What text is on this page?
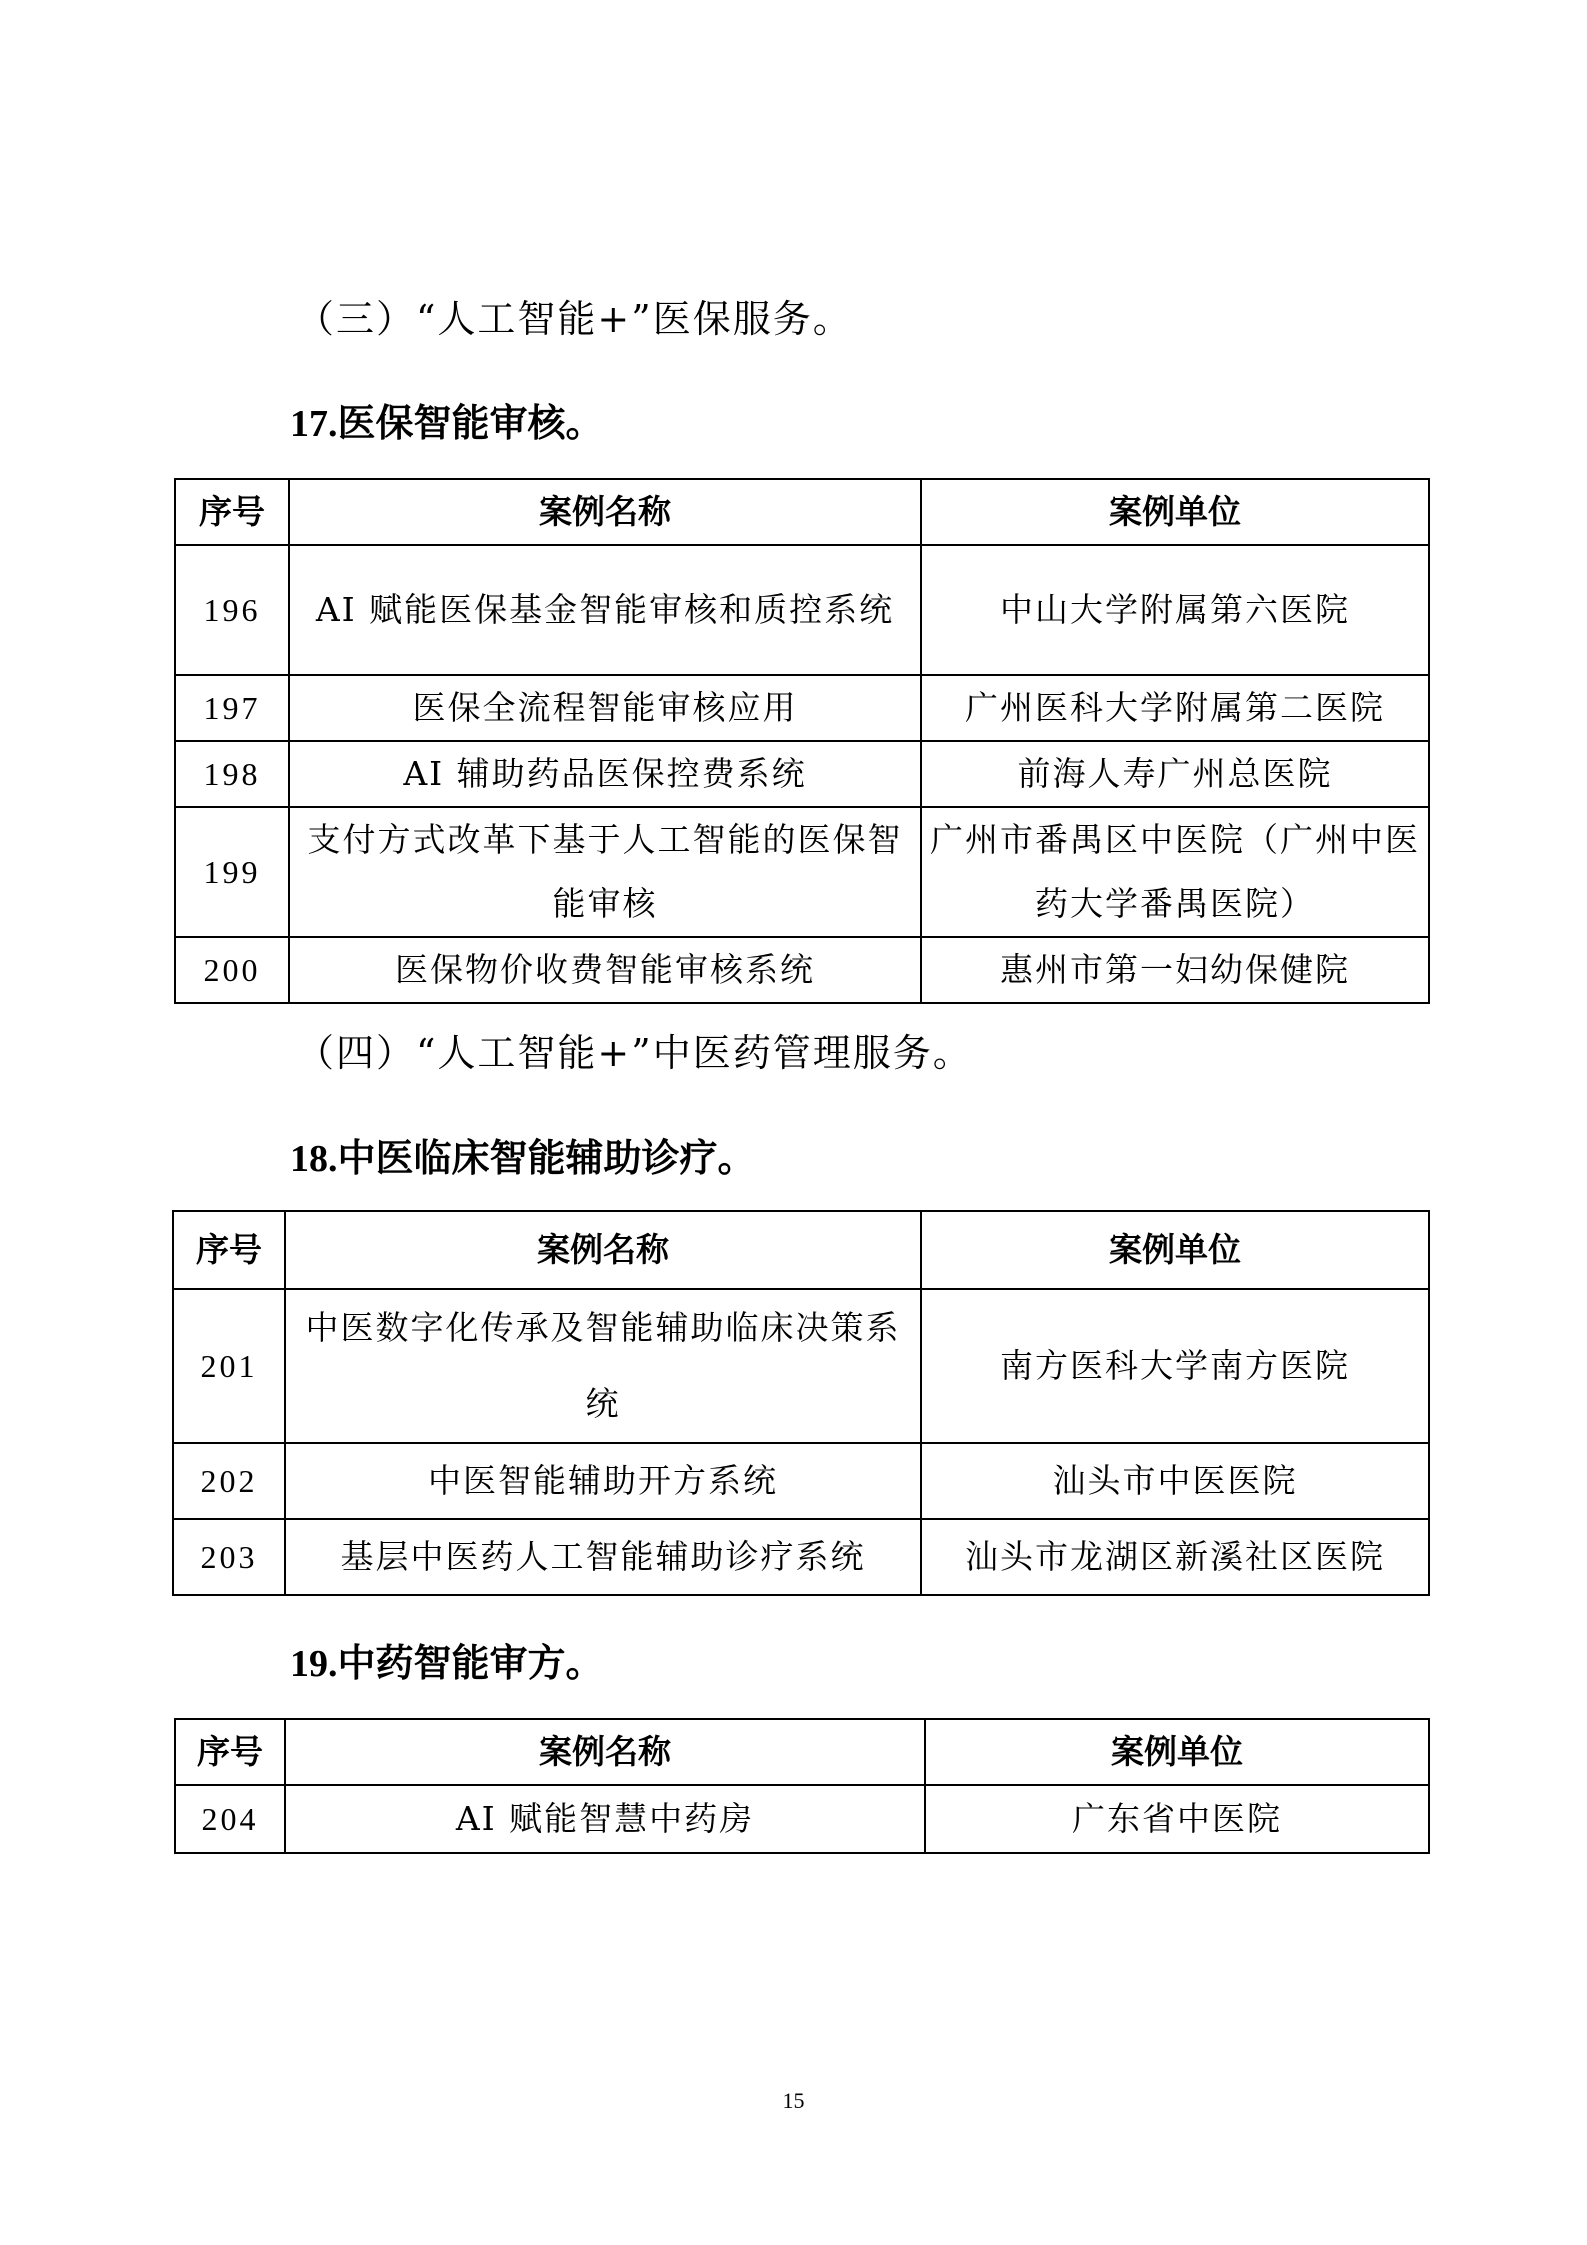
（三）“人工智能+”医保服务。
17.医保智能审核。
序号	案例名称	案例单位
196	AI 赋能医保基金智能审核和质控系统	中山大学附属第六医院
197	医保全流程智能审核应用	广州医科大学附属第二医院
198	AI 辅助药品医保控费系统	前海人寿广州总医院
199	支付方式改革下基于人工智能的医保智能审核	广州市番禺区中医院（广州中医药大学番禺医院）
200	医保物价收费智能审核系统	惠州市第一妇幼保健院
（四）“人工智能+”中医药管理服务。
18.中医临床智能辅助诊疗。
序号	案例名称	案例单位
201	中医数字化传承及智能辅助临床决策系统	南方医科大学南方医院
202	中医智能辅助开方系统	汕头市中医医院
203	基层中医药人工智能辅助诊疗系统	汕头市龙湖区新溪社区医院
19.中药智能审方。
序号	案例名称	案例单位
204	AI 赋能智慧中药房	广东省中医院
15
